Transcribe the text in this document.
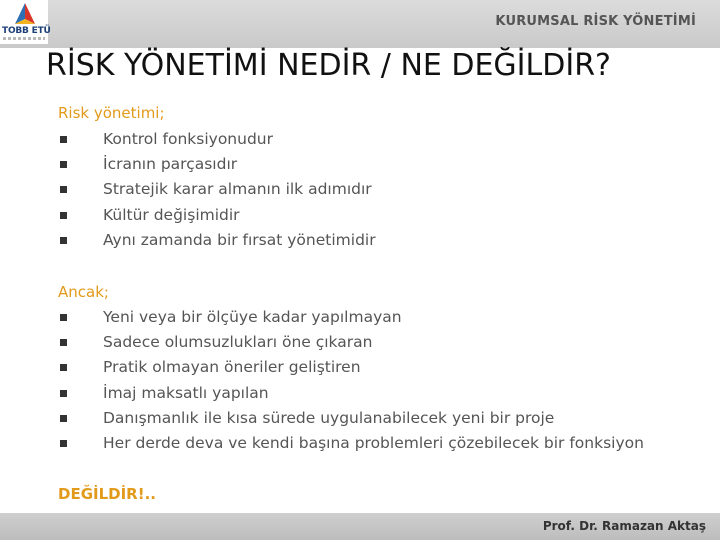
TOBB ETÜ
KURUMSAL RİSK YÖNETİMİ
RİSK YÖNETİMİ NEDİR / NE DEĞİLDİR?
Risk yönetimi;
Kontrol fonksiyonudur
İcranın parçasıdır
Stratejik karar almanın ilk adımıdır
Kültür değişimidir
Aynı zamanda bir fırsat yönetimidir
Ancak;
Yeni veya bir ölçüye kadar yapılmayan
Sadece olumsuzlukları öne çıkaran
Pratik olmayan öneriler geliştiren
İmaj maksatlı yapılan
Danışmanlık ile kısa sürede uygulanabilecek yeni bir proje
Her derde deva ve kendi başına problemleri çözebilecek bir fonksiyon
DEĞİLDİR!..
Prof. Dr. Ramazan Aktaş
